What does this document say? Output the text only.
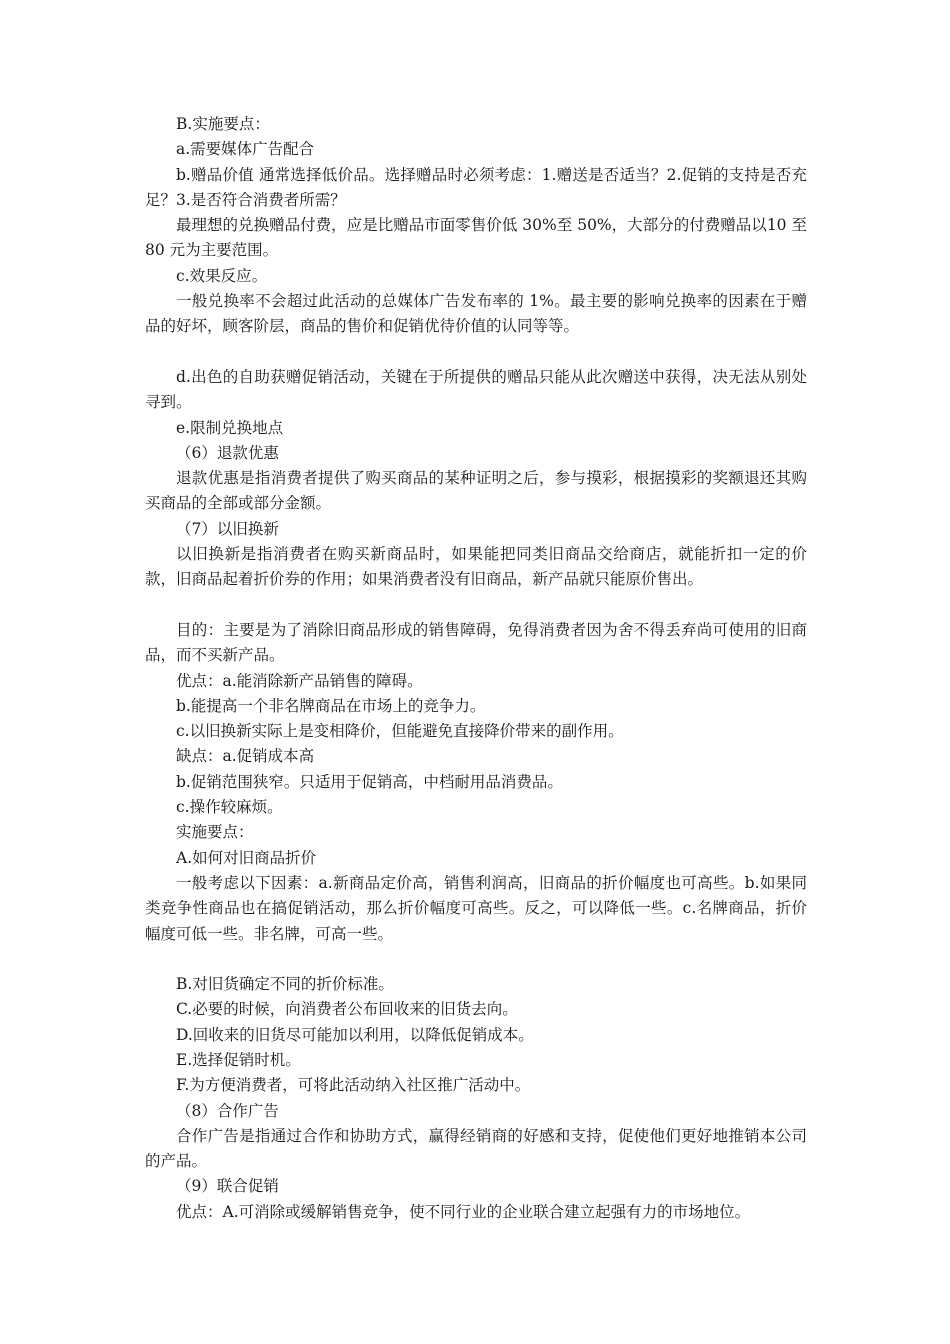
B.实施要点：

a.需要媒体广告配合

b.赠品价值 通常选择低价品。选择赠品时必须考虑：1.赠送是否适当？2.促销的支持是否充足？3.是否符合消费者所需？

最理想的兑换赠品付费，应是比赠品市面零售价低 30%至 50%，大部分的付费赠品以10 至 80 元为主要范围。

c.效果反应。

一般兑换率不会超过此活动的总媒体广告发布率的 1%。最主要的影响兑换率的因素在于赠品的好坏，顾客阶层，商品的售价和促销优待价值的认同等等。

d.出色的自助获赠促销活动，关键在于所提供的赠品只能从此次赠送中获得，决无法从别处寻到。

e.限制兑换地点

（6）退款优惠

退款优惠是指消费者提供了购买商品的某种证明之后，参与摸彩，根据摸彩的奖额退还其购买商品的全部或部分金额。

（7）以旧换新

以旧换新是指消费者在购买新商品时，如果能把同类旧商品交给商店，就能折扣一定的价款，旧商品起着折价券的作用；如果消费者没有旧商品，新产品就只能原价售出。

目的：主要是为了消除旧商品形成的销售障碍，免得消费者因为舍不得丢弃尚可使用的旧商品，而不买新产品。

优点：a.能消除新产品销售的障碍。

b.能提高一个非名牌商品在市场上的竞争力。

c.以旧换新实际上是变相降价，但能避免直接降价带来的副作用。

缺点：a.促销成本高

b.促销范围狭窄。只适用于促销高，中档耐用品消费品。

c.操作较麻烦。

实施要点：

A.如何对旧商品折价

一般考虑以下因素：a.新商品定价高，销售利润高，旧商品的折价幅度也可高些。b.如果同类竞争性商品也在搞促销活动，那么折价幅度可高些。反之，可以降低一些。c.名牌商品，折价幅度可低一些。非名牌，可高一些。

B.对旧货确定不同的折价标准。

C.必要的时候，向消费者公布回收来的旧货去向。

D.回收来的旧货尽可能加以利用，以降低促销成本。

E.选择促销时机。

F.为方便消费者，可将此活动纳入社区推广活动中。

（8）合作广告

合作广告是指通过合作和协助方式，赢得经销商的好感和支持，促使他们更好地推销本公司的产品。

（9）联合促销

优点：A.可消除或缓解销售竞争，使不同行业的企业联合建立起强有力的市场地位。
